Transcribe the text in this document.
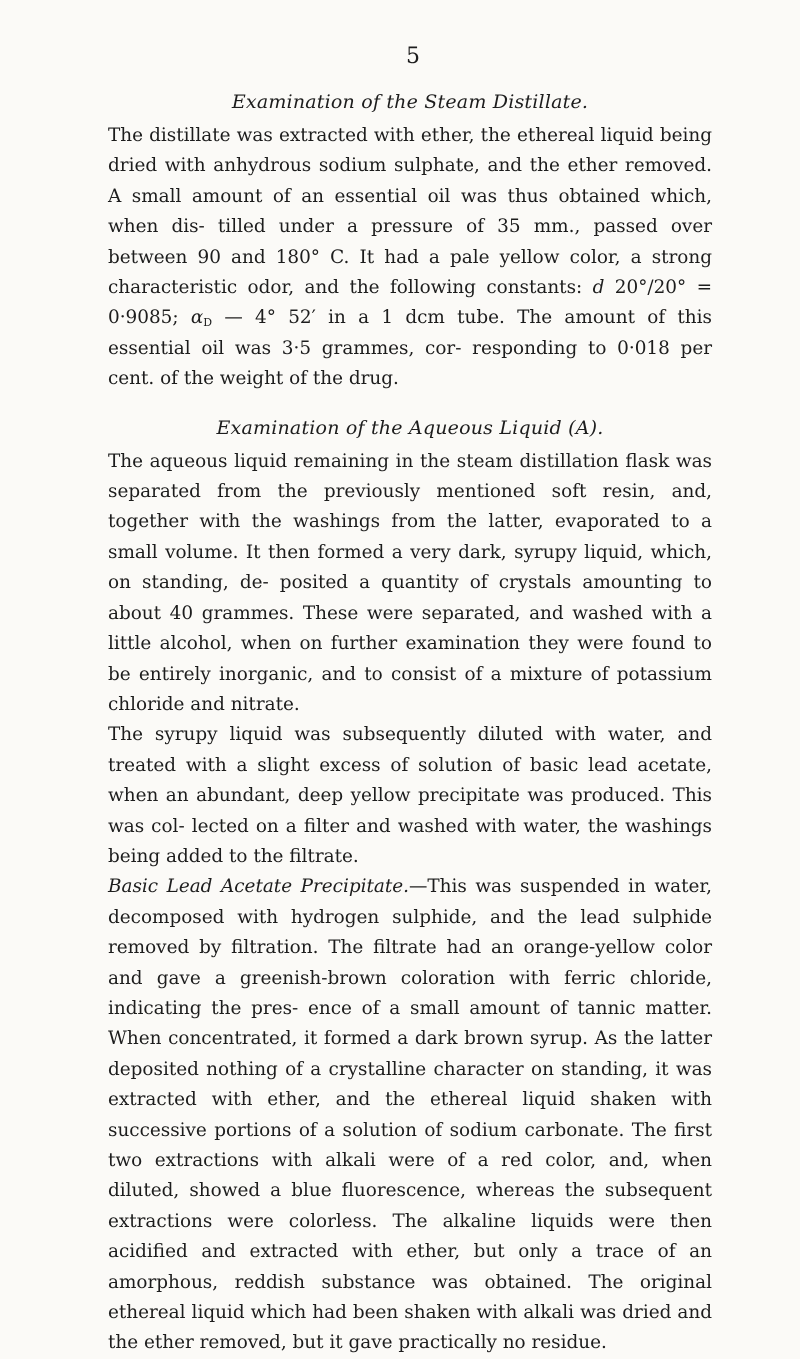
5
Examination of the Steam Distillate.

The distillate was extracted with ether, the ethereal liquid being dried with anhydrous sodium sulphate, and the ether removed. A small amount of an essential oil was thus obtained which, when dis- tilled under a pressure of 35 mm., passed over between 90 and 180° C. It had a pale yellow color, a strong characteristic odor, and the following constants: d 20°/20° = 0·9085; $\alpha_D$ — 4° 52′ in a 1 dcm tube. The amount of this essential oil was 3·5 grammes, cor- responding to 0·018 per cent. of the weight of the drug.

Examination of the Aqueous Liquid (A).

The aqueous liquid remaining in the steam distillation flask was separated from the previously mentioned soft resin, and, together with the washings from the latter, evaporated to a small volume. It then formed a very dark, syrupy liquid, which, on standing, de- posited a quantity of crystals amounting to about 40 grammes. These were separated, and washed with a little alcohol, when on further examination they were found to be entirely inorganic, and to consist of a mixture of potassium chloride and nitrate.

The syrupy liquid was subsequently diluted with water, and treated with a slight excess of solution of basic lead acetate, when an abundant, deep yellow precipitate was produced. This was col- lected on a filter and washed with water, the washings being added to the filtrate.

Basic Lead Acetate Precipitate.—This was suspended in water, decomposed with hydrogen sulphide, and the lead sulphide removed by filtration. The filtrate had an orange-yellow color and gave a greenish-brown coloration with ferric chloride, indicating the pres- ence of a small amount of tannic matter. When concentrated, it formed a dark brown syrup. As the latter deposited nothing of a crystalline character on standing, it was extracted with ether, and the ethereal liquid shaken with successive portions of a solution of sodium carbonate. The first two extractions with alkali were of a red color, and, when diluted, showed a blue fluorescence, whereas the subsequent extractions were colorless. The alkaline liquids were then acidified and extracted with ether, but only a trace of an amorphous, reddish substance was obtained. The original ethereal liquid which had been shaken with alkali was dried and the ether removed, but it gave practically no residue.
